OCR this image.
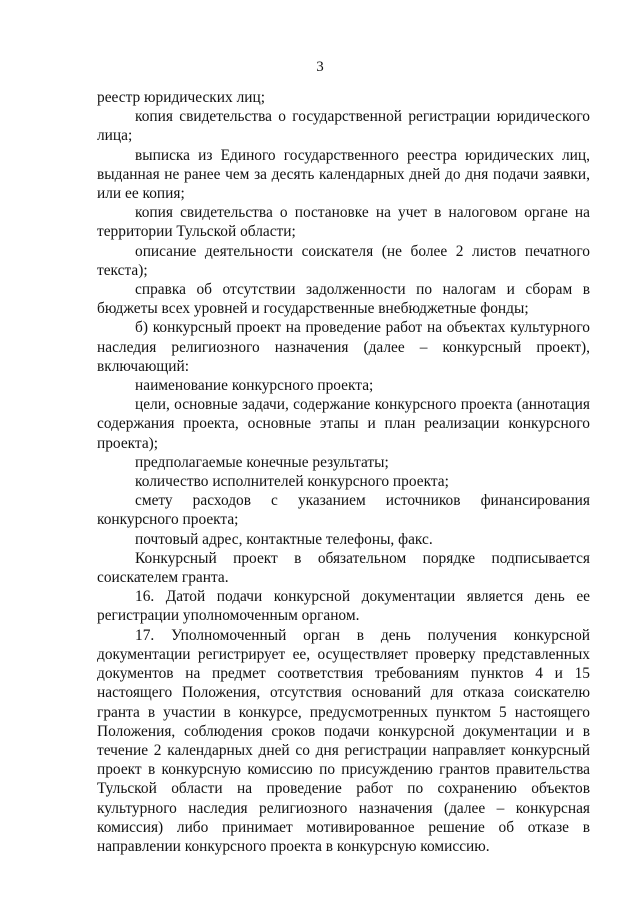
3

реестр юридических лиц;

копия свидетельства о государственной регистрации юридического лица;

выписка из Единого государственного реестра юридических лиц, выданная не ранее чем за десять календарных дней до дня подачи заявки, или ее копия;

копия свидетельства о постановке на учет в налоговом органе на территории Тульской области;

описание деятельности соискателя (не более 2 листов печатного текста);

справка об отсутствии задолженности по налогам и сборам в бюджеты всех уровней и государственные внебюджетные фонды;

б) конкурсный проект на проведение работ на объектах культурного наследия религиозного назначения (далее – конкурсный проект), включающий:

наименование конкурсного проекта;

цели, основные задачи, содержание конкурсного проекта (аннотация содержания проекта, основные этапы и план реализации конкурсного проекта);

предполагаемые конечные результаты;

количество исполнителей конкурсного проекта;

смету расходов с указанием источников финансирования конкурсного проекта;

почтовый адрес, контактные телефоны, факс.

Конкурсный проект в обязательном порядке подписывается соискателем гранта.

16. Датой подачи конкурсной документации является день ее регистрации уполномоченным органом.

17. Уполномоченный орган в день получения конкурсной документации регистрирует ее, осуществляет проверку представленных документов на предмет соответствия требованиям пунктов 4 и 15 настоящего Положения, отсутствия оснований для отказа соискателю гранта в участии в конкурсе, предусмотренных пунктом 5 настоящего Положения, соблюдения сроков подачи конкурсной документации и в течение 2 календарных дней со дня регистрации направляет конкурсный проект в конкурсную комиссию по присуждению грантов правительства Тульской области на проведение работ по сохранению объектов культурного наследия религиозного назначения (далее – конкурсная комиссия) либо принимает мотивированное решение об отказе в направлении конкурсного проекта в конкурсную комиссию.
